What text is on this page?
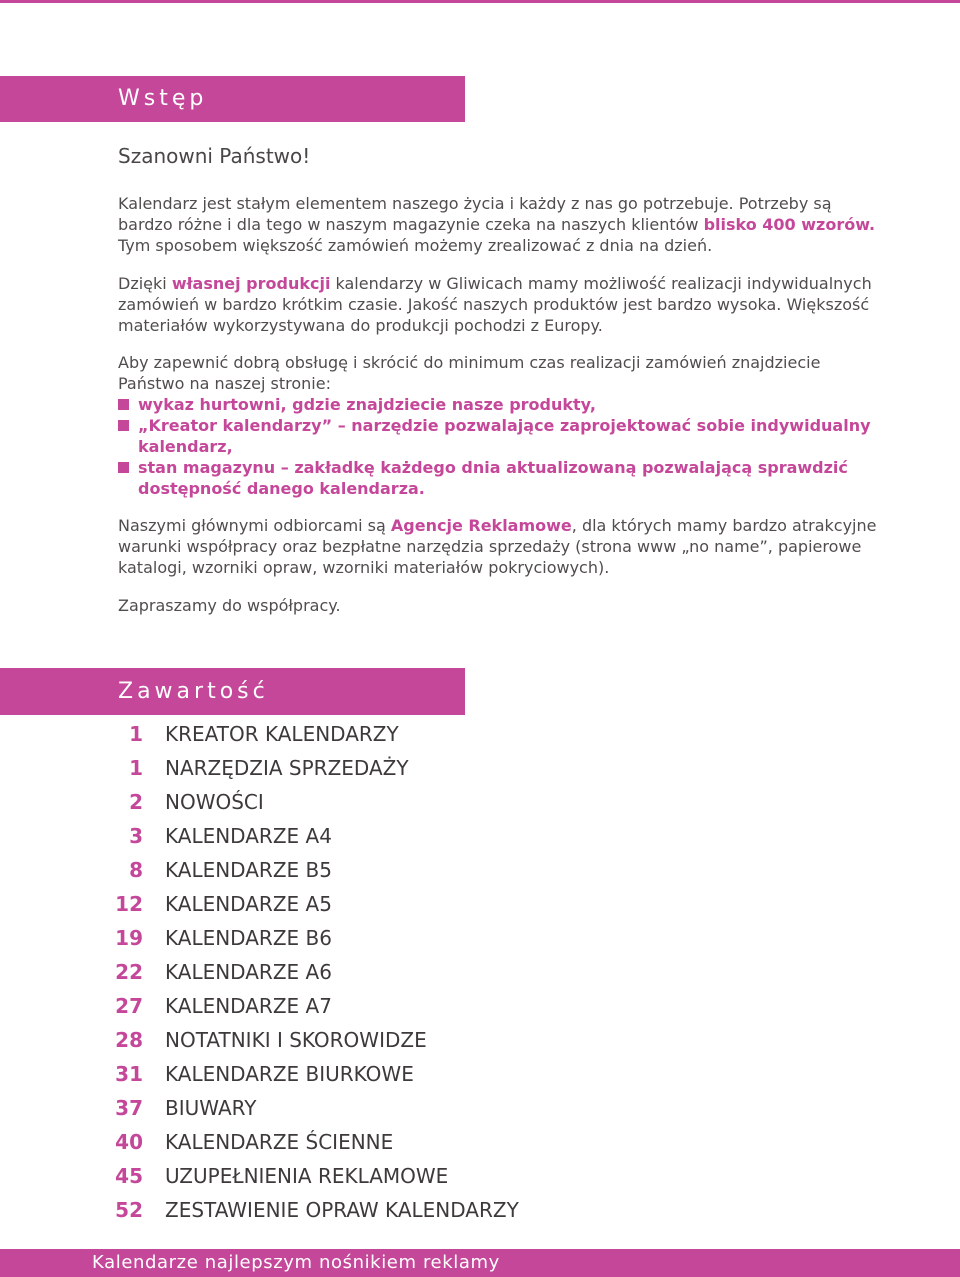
Wstęp
Szanowni Państwo!
Kalendarz jest stałym elementem naszego życia i każdy z nas go potrzebuje. Potrzeby są bardzo różne i dla tego w naszym magazynie czeka na naszych klientów blisko 400 wzorów. Tym sposobem większość zamówień możemy zrealizować z dnia na dzień.
Dzięki własnej produkcji kalendarzy w Gliwicach mamy możliwość realizacji indywidualnych zamówień w bardzo krótkim czasie. Jakość naszych produktów jest bardzo wysoka. Większość materiałów wykorzystywana do produkcji pochodzi z Europy.
Aby zapewnić dobrą obsługę i skrócić do minimum czas realizacji zamówień znajdziecie Państwo na naszej stronie:
wykaz hurtowni, gdzie znajdziecie nasze produkty,
„Kreator kalendarzy” – narzędzie pozwalające zaprojektować sobie indywidualny kalendarz,
stan magazynu – zakładkę każdego dnia aktualizowaną pozwalającą sprawdzić dostępność danego kalendarza.
Naszymi głównymi odbiorcami są Agencje Reklamowe, dla których mamy bardzo atrakcyjne warunki współpracy oraz bezpłatne narzędzia sprzedaży (strona www „no name”, papierowe katalogi, wzorniki opraw, wzorniki materiałów pokryciowych).
Zapraszamy do współpracy.
Zawartość
1 KREATOR KALENDARZY
1 NARZĘDZIA SPRZEDAŻY
2 NOWOŚCI
3 KALENDARZE A4
8 KALENDARZE B5
12 KALENDARZE A5
19 KALENDARZE B6
22 KALENDARZE A6
27 KALENDARZE A7
28 NOTATNIKI I SKOROWIDZE
31 KALENDARZE BIURKOWE
37 BIUWARY
40 KALENDARZE ŚCIENNE
45 UZUPEŁNIENIA REKLAMOWE
52 ZESTAWIENIE OPRAW KALENDARZY
Kalendarze najlepszym nośnikiem reklamy
